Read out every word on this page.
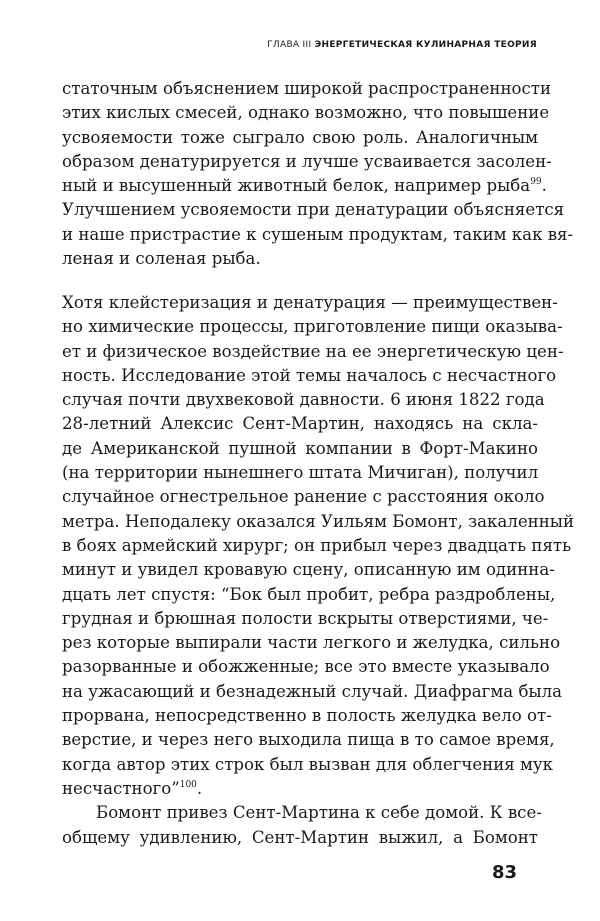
ГЛАВА III ЭНЕРГЕТИЧЕСКАЯ КУЛИНАРНАЯ ТЕОРИЯ
статочным объяснением широкой распространенности
этих кислых смесей, однако возможно, что повышение
усвояемости тоже сыграло свою роль. Аналогичным
образом денатурируется и лучше усваивается засолен-
ный и высушенный животный белок, например рыба$^{99}$.
Улучшением усвояемости при денатурации объясняется
и наше пристрастие к сушеным продуктам, таким как вя-
леная и соленая рыба.
Хотя клейстеризация и денатурация — преимуществен-
но химические процессы, приготовление пищи оказыва-
ет и физическое воздействие на ее энергетическую цен-
ность. Исследование этой темы началось с несчастного
случая почти двухвековой давности. 6 июня 1822 года
28-летний Алексис Сент-Мартин, находясь на скла-
де Американской пушной компании в Форт-Макино
(на территории нынешнего штата Мичиган), получил
случайное огнестрельное ранение с расстояния около
метра. Неподалеку оказался Уильям Бомонт, закаленный
в боях армейский хирург; он прибыл через двадцать пять
минут и увидел кровавую сцену, описанную им одинна-
дцать лет спустя: “Бок был пробит, ребра раздроблены,
грудная и брюшная полости вскрыты отверстиями, че-
рез которые выпирали части легкого и желудка, сильно
разорванные и обожженные; все это вместе указывало
на ужасающий и безнадежный случай. Диафрагма была
прорвана, непосредственно в полость желудка вело от-
верстие, и через него выходила пища в то самое время,
когда автор этих строк был вызван для облегчения мук
несчастного”$^{100}$.
Бомонт привез Сент-Мартина к себе домой. К все-
общему удивлению, Сент-Мартин выжил, а Бомонт
83
